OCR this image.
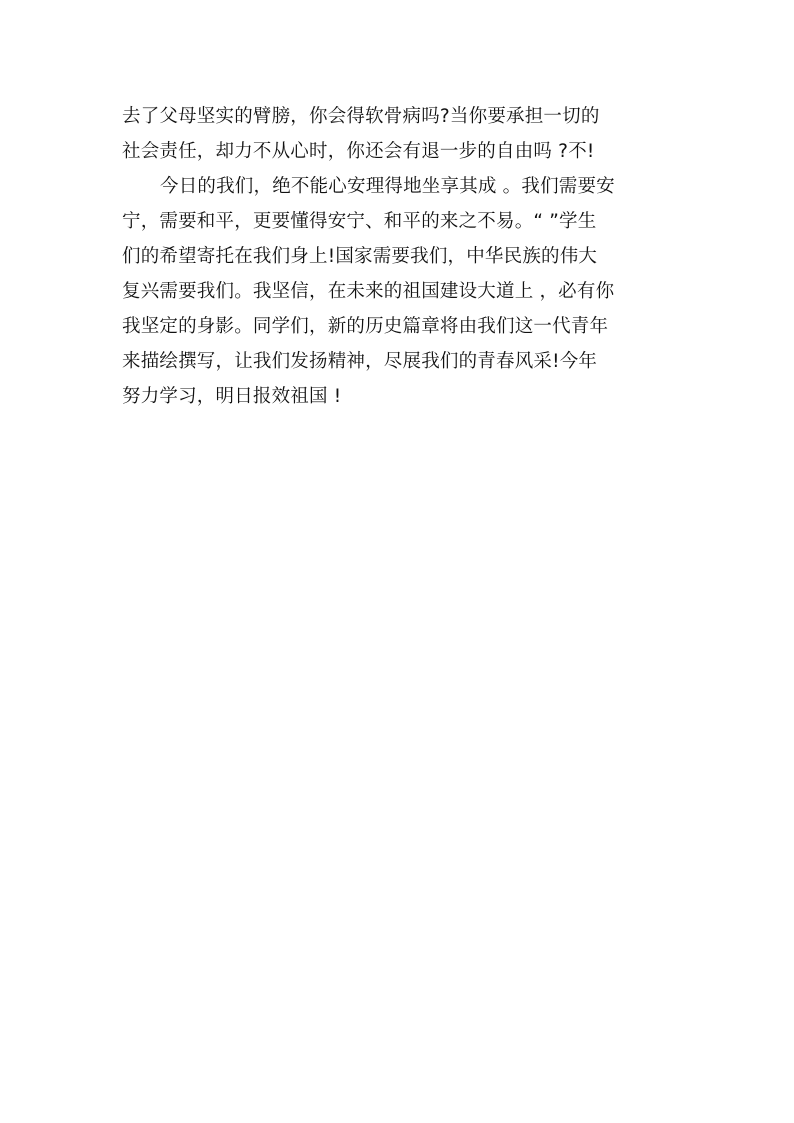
去了父母坚实的臂膀，你会得软骨病吗?当你要承担一切的
社会责任，却力不从心时，你还会有退一步的自由吗 ?不!
今日的我们，绝不能心安理得地坐享其成 。我们需要安
宁，需要和平，更要懂得安宁、和平的来之不易。“ ”学生
们的希望寄托在我们身上!国家需要我们，中华民族的伟大
复兴需要我们。我坚信，在未来的祖国建设大道上 ，必有你
我坚定的身影。同学们，新的历史篇章将由我们这一代青年
来描绘撰写，让我们发扬精神，尽展我们的青春风采!今年
努力学习，明日报效祖国 !
